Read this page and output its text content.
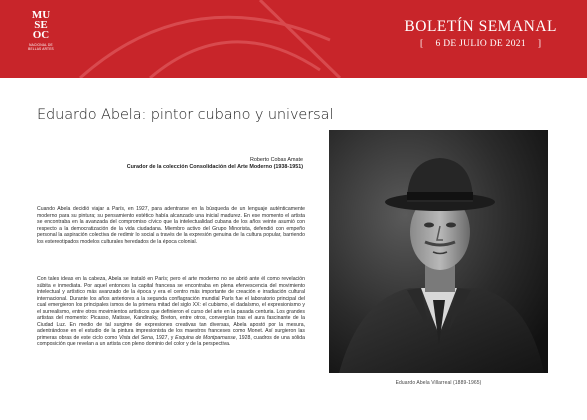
MU
SE
OC
NACIONAL DE BELLAS ARTES
BOLETÍN SEMANAL
[ 6 DE JULIO DE 2021 ]
Eduardo Abela: pintor cubano y universal
Roberto Cobas Amate
Curador de la colección Consolidación del Arte Moderno (1938-1951)
Cuando Abela decidió viajar a París, en 1927, para adentrarse en la búsqueda de un lenguaje auténticamente moderno para su pintura; su pensamiento estético había alcanzado una inicial madurez. En ese momento el artista se encontraba en la avanzada del compromiso cívico que la intelectualidad cubana de los años veinte asumió con respecto a la democratización de la vida ciudadana. Miembro activo del Grupo Minorista, defendió con empeño personal la aspiración colectiva de redimir lo social a través de la expresión genuina de la cultura popular, barriendo los estereotipados modelos culturales heredados de la época colonial.
Con tales ideas en la cabeza, Abela se instaló en París; pero el arte moderno no se abrió ante él como revelación súbita e inmediata. Por aquel entonces la capital francesa se encontraba en plena efervescencia del movimiento intelectual y artístico más avanzado de la época y era el centro más importante de creación e irradiación cultural internacional. Durante los años anteriores a la segunda conflagración mundial París fue el laboratorio principal del cual emergieron los principales ismos de la primera mitad del siglo XX: el cubismo, el dadaísmo, el expresionismo y el surrealismo, entre otros movimientos artísticos que definieron el curso del arte en la pasada centuria. Los grandes artistas del momento: Picasso, Matisse, Kandinsky, Breton, entre otros, convergían tras el aura fascinante de la Ciudad Luz. En medio de tal surgime de expresiones creativas tan diversas, Abela apostó por la mesura, adentrándose en el estudio de la pintura impresionista de los maestros franceses como Monet. Así surgieron las primeras obras de este ciclo como Vista del Sena, 1927, y Esquina de Montparnasse, 1928, cuadros de una sólida composición que revelan a un artista con pleno dominio del color y de la perspectiva.
Eduardo Abela Villarreal (1889-1965)
